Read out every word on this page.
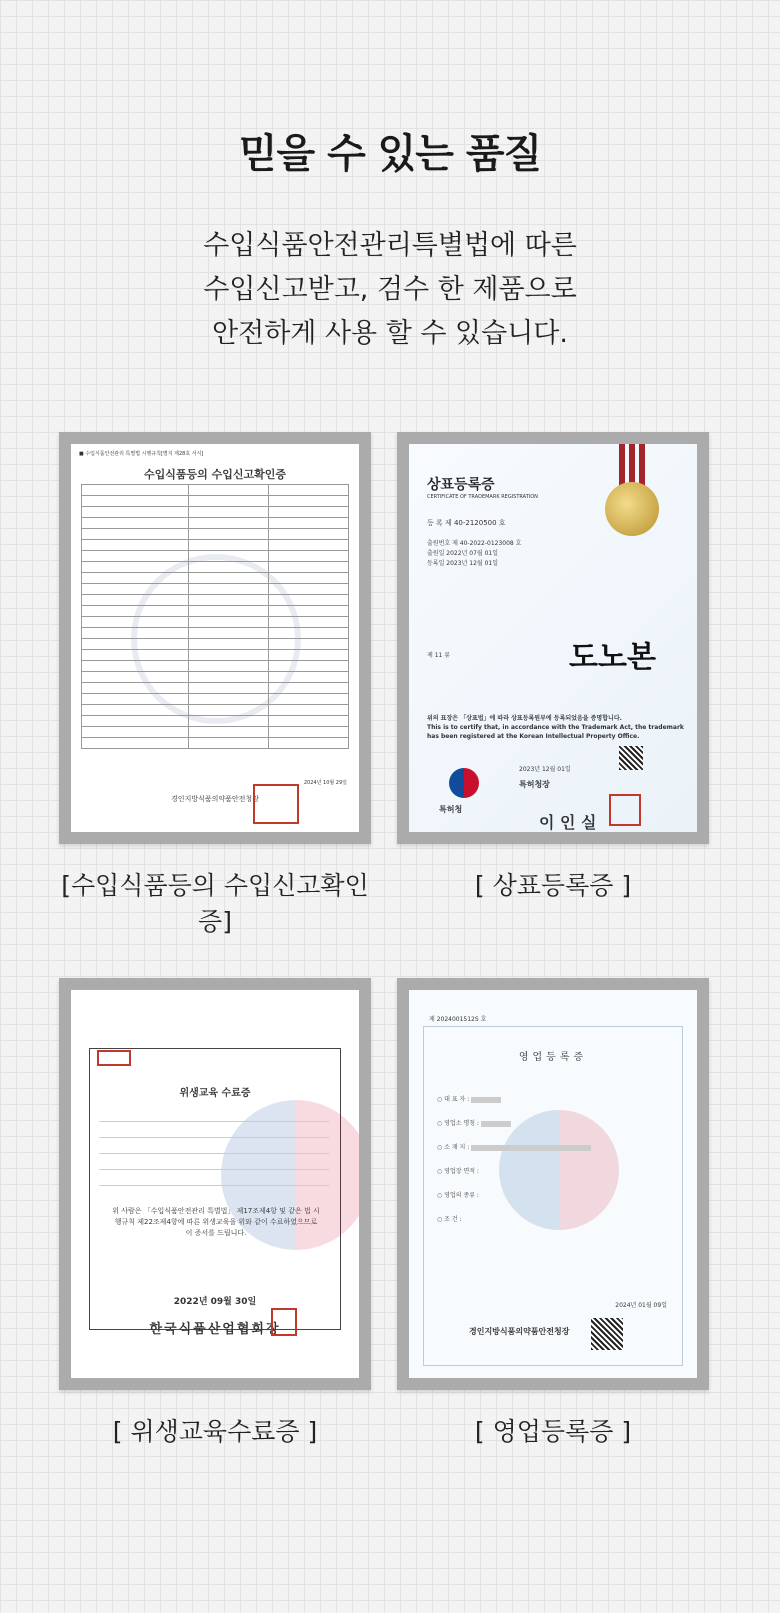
믿을 수 있는 품질
수입식품안전관리특별법에 따른
수입신고받고, 검수 한 제품으로
안전하게 사용 할 수 있습니다.
■ 수입식품안전관리 특별법 시행규칙[별지 제28호 서식]
수입식품등의 수입신고확인증

2024년 10월 29일
경인지방식품의약품안전청장
[수입식품등의 수입신고확인증]
상표등록증
CERTIFICATE OF TRADEMARK REGISTRATION
등 록 제 40-2120500 호
출원번호 제 40-2022-0123008 호
출원일 2022년 07월 01일
등록일 2023년 12월 01일
제 11 류	도노본
위의 표장은 「상표법」에 따라 상표등록원부에 등록되었음을 증명합니다.
This is to certify that, in accordance with the Trademark Act, the trademark has been registered at the Korean Intellectual Property Office.
특허청
2023년 12월 01일
특허청장
이 인 실
[ 상표등록증 ]
위생교육 수료증
위 사람은 「수입식품안전관리 특별법」 제17조제4항 및 같은 법 시행규칙 제22조제4항에 따른 위생교육을 위와 같이 수료하였으므로 이 증서를 드립니다.
2022년 09월 30일
한국식품산업협회장
[ 위생교육수료증 ]
제 2024001512S 호
영업등록증
○ 대 표 자 :
○ 영업소 명칭 :
○ 소 재 지 :
○ 영업장 면적 :
○ 영업의 종류 :
○ 조 건 :
2024년 01월 09일
경인지방식품의약품안전청장
[ 영업등록증 ]
